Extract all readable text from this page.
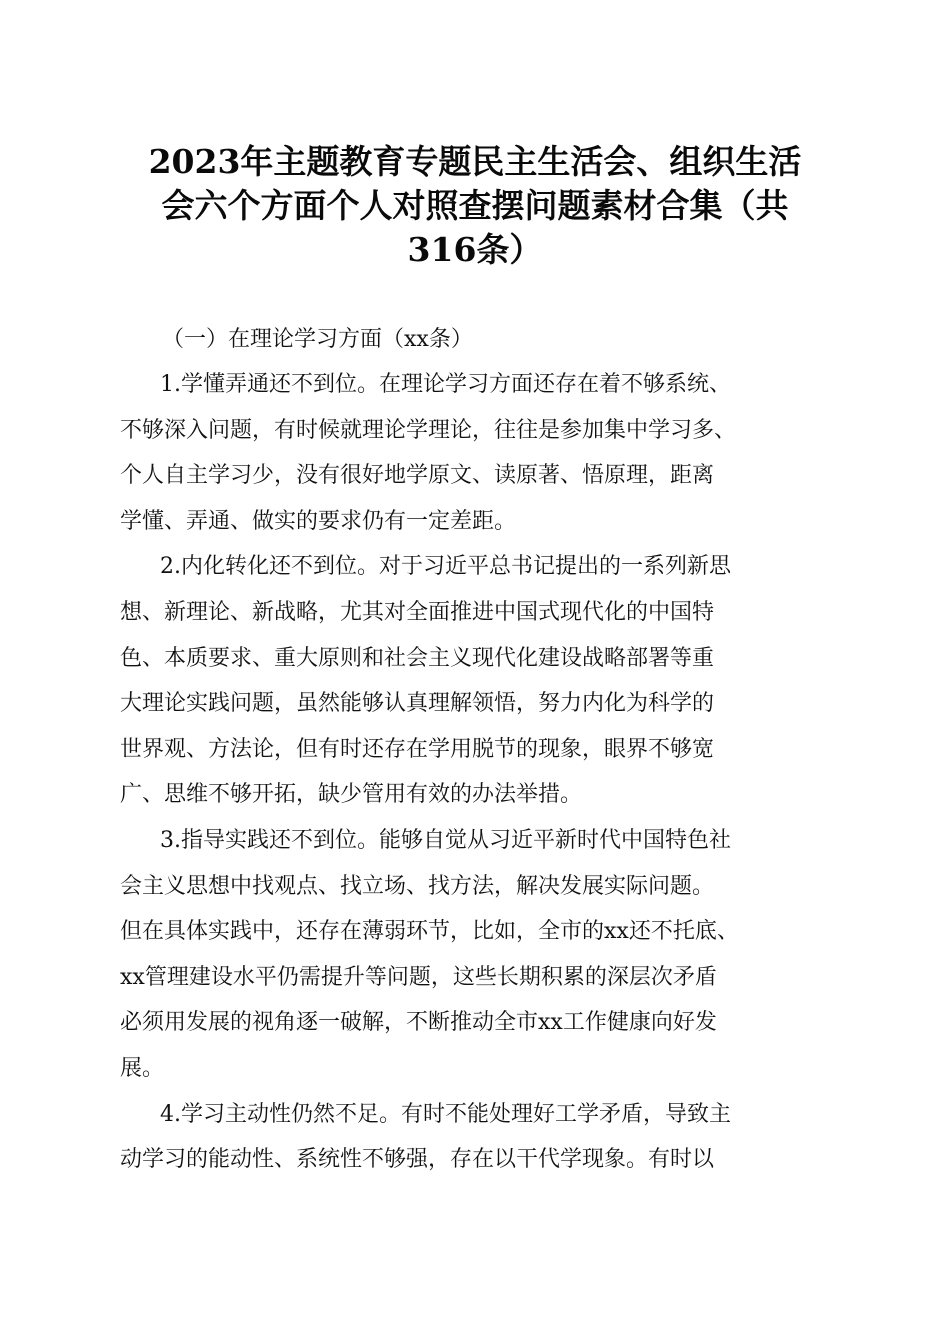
2023年主题教育专题民主生活会、组织生活
会六个方面个人对照查摆问题素材合集（共
316条）

（一）在理论学习方面（xx条）

1.学懂弄通还不到位。在理论学习方面还存在着不够系统、
不够深入问题，有时候就理论学理论，往往是参加集中学习多、
个人自主学习少，没有很好地学原文、读原著、悟原理，距离
学懂、弄通、做实的要求仍有一定差距。
2.内化转化还不到位。对于习近平总书记提出的一系列新思
想、新理论、新战略，尤其对全面推进中国式现代化的中国特
色、本质要求、重大原则和社会主义现代化建设战略部署等重
大理论实践问题，虽然能够认真理解领悟，努力内化为科学的
世界观、方法论，但有时还存在学用脱节的现象，眼界不够宽
广、思维不够开拓，缺少管用有效的办法举措。
3.指导实践还不到位。能够自觉从习近平新时代中国特色社
会主义思想中找观点、找立场、找方法，解决发展实际问题。
但在具体实践中，还存在薄弱环节，比如，全市的xx还不托底、
xx管理建设水平仍需提升等问题，这些长期积累的深层次矛盾
必须用发展的视角逐一破解，不断推动全市xx工作健康向好发
展。
4.学习主动性仍然不足。有时不能处理好工学矛盾，导致主
动学习的能动性、系统性不够强，存在以干代学现象。有时以
